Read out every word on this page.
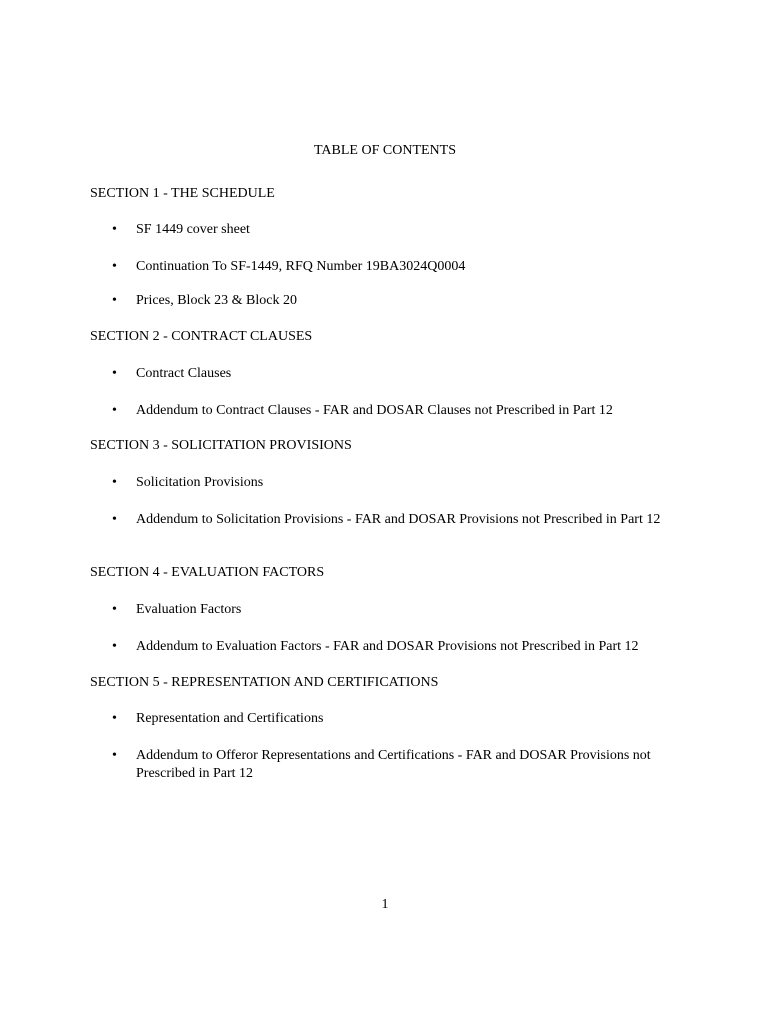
TABLE OF CONTENTS
SECTION 1 - THE SCHEDULE
•	SF 1449 cover sheet
•	Continuation To SF-1449, RFQ Number 19BA3024Q0004
•	Prices, Block 23 & Block 20
SECTION 2 - CONTRACT CLAUSES
•	Contract Clauses
•	Addendum to Contract Clauses - FAR and DOSAR Clauses not Prescribed in Part 12
SECTION 3 - SOLICITATION PROVISIONS
•	Solicitation Provisions
•	Addendum to Solicitation Provisions - FAR and DOSAR Provisions not Prescribed in Part 12
SECTION 4 - EVALUATION FACTORS
•	Evaluation Factors
•	Addendum to Evaluation Factors - FAR and DOSAR Provisions not Prescribed in Part 12
SECTION 5 - REPRESENTATION AND CERTIFICATIONS
•	Representation and Certifications
•	Addendum to Offeror Representations and Certifications - FAR and DOSAR Provisions not Prescribed in Part 12
1
